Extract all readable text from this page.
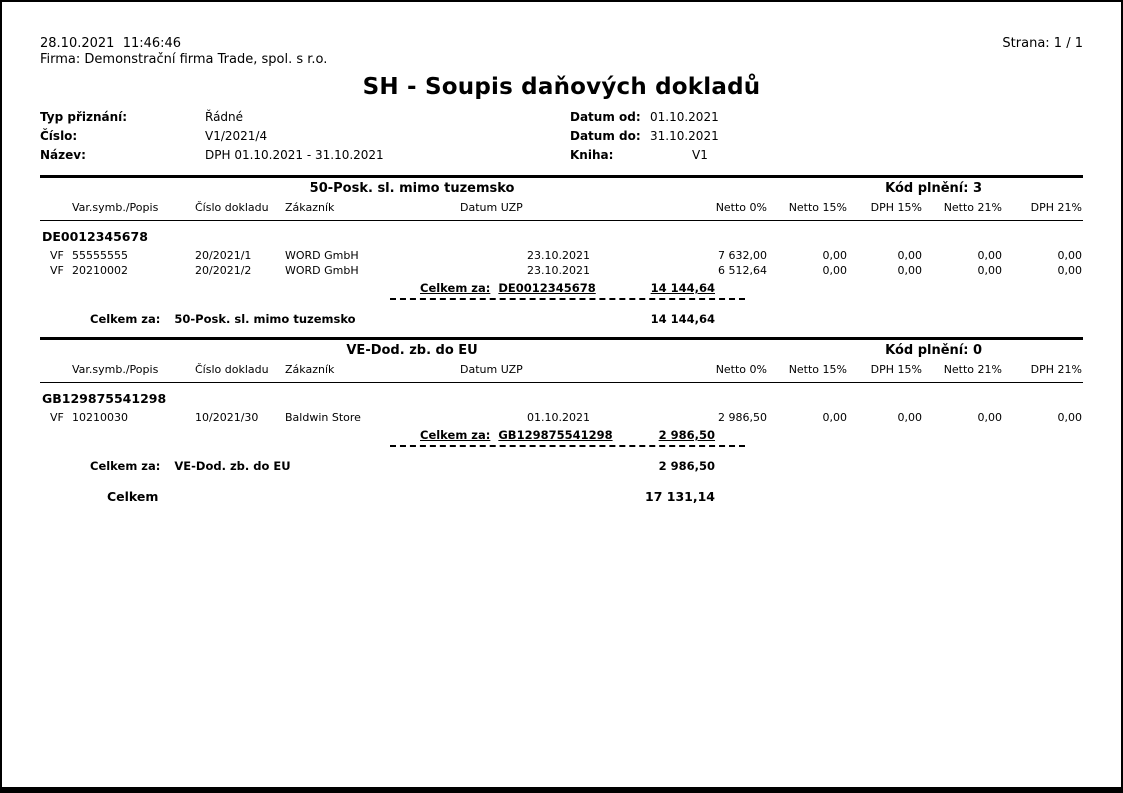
28.10.2021  11:46:46	Strana: 1 / 1
Firma: Demonstrační firma Trade, spol. s r.o.
SH - Soupis daňových dokladů
Typ přiznání:	Řádné
Číslo:	V1/2021/4
Název:	DPH 01.10.2021 - 31.10.2021
Datum od: 01.10.2021
Datum do: 31.10.2021
Kniha:	V1
50-Posk. sl. mimo tuzemsko	Kód plnění: 3
Var.symb./Popis	Číslo dokladu	Zákazník	Datum UZP	Netto 0%	Netto 15%	DPH 15%	Netto 21%	DPH 21%
DE0012345678
VF 55555555	20/2021/1	WORD GmbH	23.10.2021	7 632,00	0,00	0,00	0,00	0,00
VF 20210002	20/2021/2	WORD GmbH	23.10.2021	6 512,64	0,00	0,00	0,00	0,00
Celkem za: DE0012345678	14 144,64
Celkem za: 50-Posk. sl. mimo tuzemsko	14 144,64
VE-Dod. zb. do EU	Kód plnění: 0
Var.symb./Popis	Číslo dokladu	Zákazník	Datum UZP	Netto 0%	Netto 15%	DPH 15%	Netto 21%	DPH 21%
GB129875541298
VF 10210030	10/2021/30	Baldwin Store	01.10.2021	2 986,50	0,00	0,00	0,00	0,00
Celkem za: GB129875541298	2 986,50
Celkem za: VE-Dod. zb. do EU	2 986,50
Celkem	17 131,14
